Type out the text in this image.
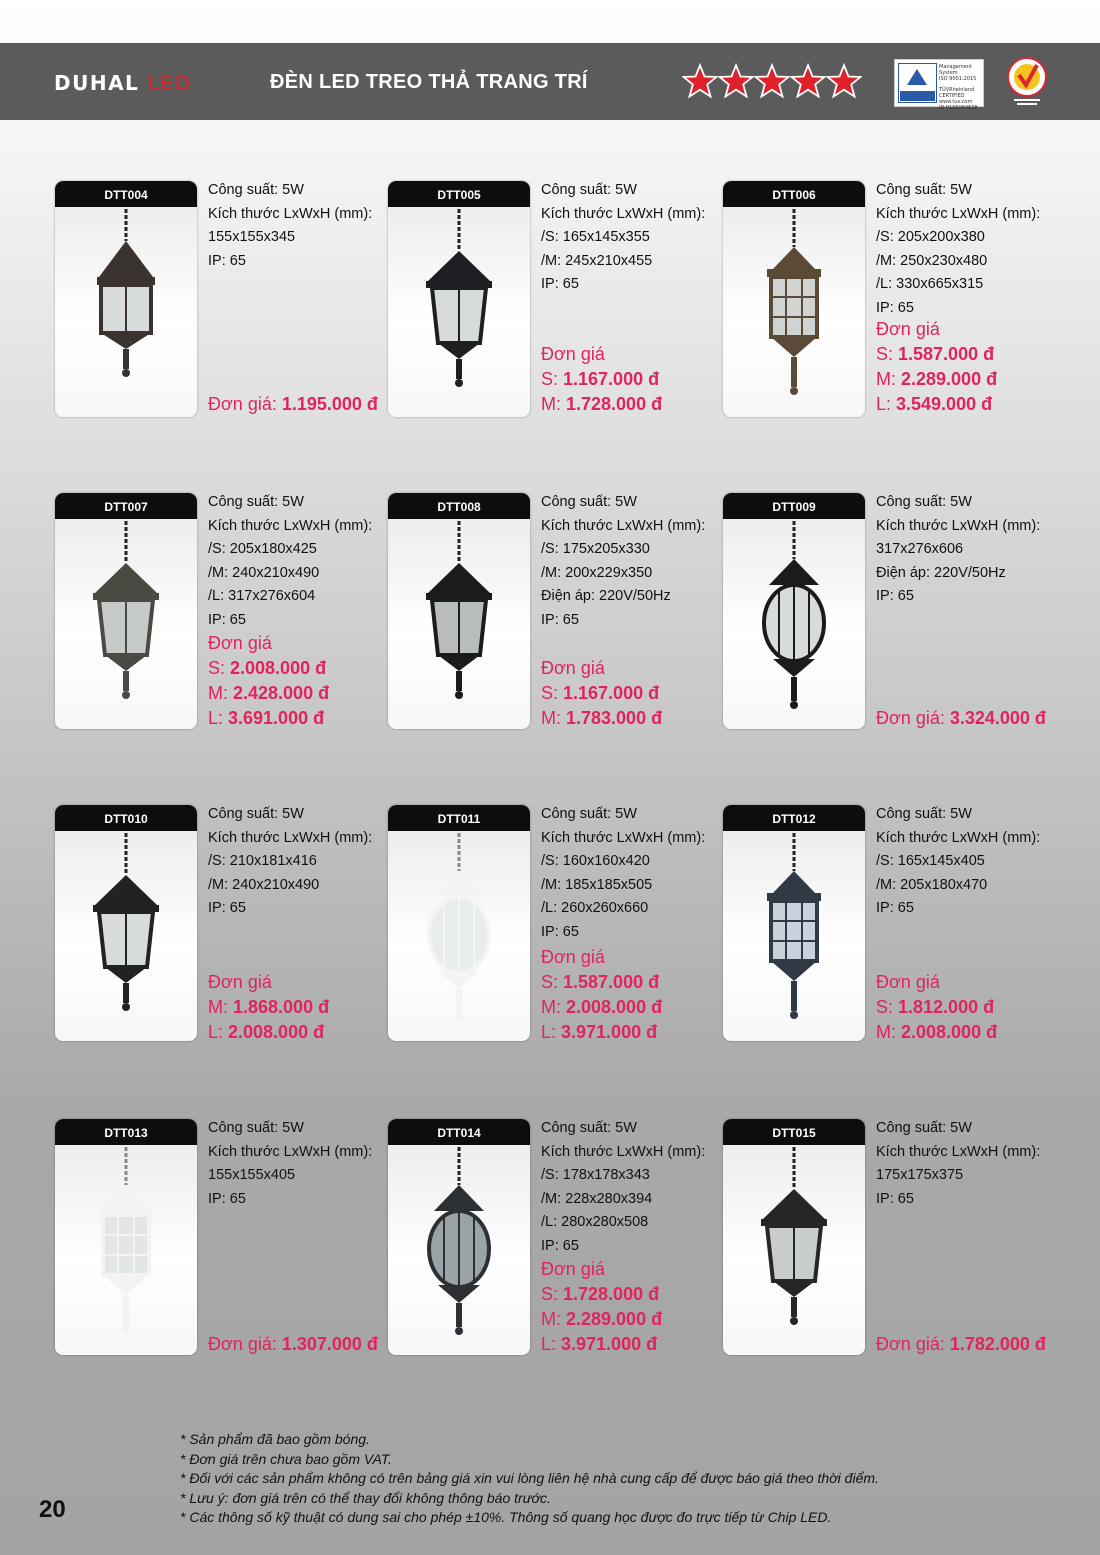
DUHAL LED	ĐÈN LED TREO THẢ TRANG TRÍ
Management
System
ISO 9001:2015
TÜVRheinland
CERTIFIED
www.tuv.com
ID 9105084638
DTT004	Công suất: 5W
Kích thước LxWxH (mm):
155x155x345
IP: 65
Đơn giá: 1.195.000 đ
DTT005	Công suất: 5W
Kích thước LxWxH (mm):
/S: 165x145x355
/M: 245x210x455
IP: 65
Đơn giá
S: 1.167.000 đ
M: 1.728.000 đ
DTT006	Công suất: 5W
Kích thước LxWxH (mm):
/S: 205x200x380
/M: 250x230x480
/L: 330x665x315
IP: 65
Đơn giá
S: 1.587.000 đ
M: 2.289.000 đ
L: 3.549.000 đ
DTT007	Công suất: 5W
Kích thước LxWxH (mm):
/S: 205x180x425
/M: 240x210x490
/L: 317x276x604
IP: 65
Đơn giá
S: 2.008.000 đ
M: 2.428.000 đ
L: 3.691.000 đ
DTT008	Công suất: 5W
Kích thước LxWxH (mm):
/S: 175x205x330
/M: 200x229x350
Điện áp: 220V/50Hz
IP: 65
Đơn giá
S: 1.167.000 đ
M: 1.783.000 đ
DTT009	Công suất: 5W
Kích thước LxWxH (mm):
317x276x606
Điện áp: 220V/50Hz
IP: 65
Đơn giá: 3.324.000 đ
DTT010	Công suất: 5W
Kích thước LxWxH (mm):
/S: 210x181x416
/M: 240x210x490
IP: 65
Đơn giá
M: 1.868.000 đ
L: 2.008.000 đ
DTT011	Công suất: 5W
Kích thước LxWxH (mm):
/S: 160x160x420
/M: 185x185x505
/L: 260x260x660
IP: 65
Đơn giá
S: 1.587.000 đ
M: 2.008.000 đ
L: 3.971.000 đ
DTT012	Công suất: 5W
Kích thước LxWxH (mm):
/S: 165x145x405
/M: 205x180x470
IP: 65
Đơn giá
S: 1.812.000 đ
M: 2.008.000 đ
DTT013	Công suất: 5W
Kích thước LxWxH (mm):
155x155x405
IP: 65
Đơn giá: 1.307.000 đ
DTT014	Công suất: 5W
Kích thước LxWxH (mm):
/S: 178x178x343
/M: 228x280x394
/L: 280x280x508
IP: 65
Đơn giá
S: 1.728.000 đ
M: 2.289.000 đ
L: 3.971.000 đ
DTT015	Công suất: 5W
Kích thước LxWxH (mm):
175x175x375
IP: 65
Đơn giá: 1.782.000 đ
* Sản phẩm đã bao gồm bóng.
* Đơn giá trên chưa bao gồm VAT.
* Đối với các sản phẩm không có trên bảng giá xin vui lòng liên hệ nhà cung cấp để được báo giá theo thời điểm.
* Lưu ý: đơn giá trên có thể thay đổi không thông báo trước.
* Các thông số kỹ thuật có dung sai cho phép ±10%. Thông số quang học được đo trực tiếp từ Chip LED.
20
